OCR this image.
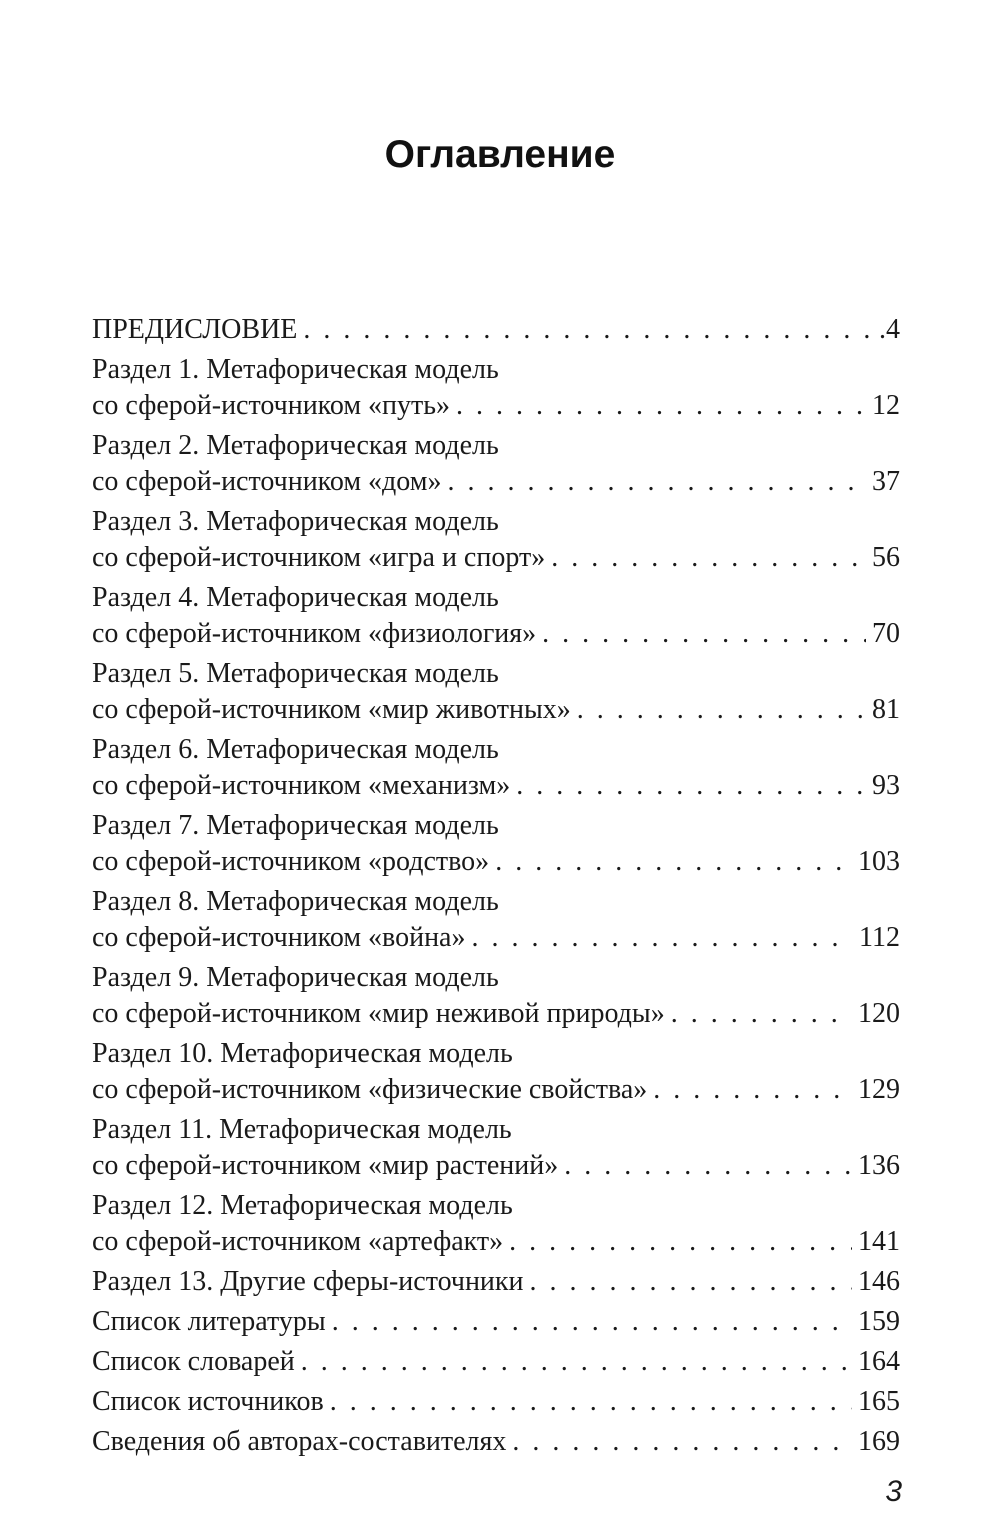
Оглавление
ПРЕДИСЛОВИЕ . . .	.4
Раздел 1. Метафорическая модель
со сферой-источником «путь» . . .	12
Раздел 2. Метафорическая модель
со сферой-источником «дом» . . .	37
Раздел 3. Метафорическая модель
со сферой-источником «игра и спорт» . . .	56
Раздел 4. Метафорическая модель
со сферой-источником «физиология» . . .	70
Раздел 5. Метафорическая модель
со сферой-источником «мир животных» . . .	81
Раздел 6. Метафорическая модель
со сферой-источником «механизм» . . .	93
Раздел 7. Метафорическая модель
со сферой-источником «родство» . . .	103
Раздел 8. Метафорическая модель
со сферой-источником «война» . . .	112
Раздел 9. Метафорическая модель
со сферой-источником «мир неживой природы» . . .	120
Раздел 10. Метафорическая модель
со сферой-источником «физические свойства» . . .	129
Раздел 11. Метафорическая модель
со сферой-источником «мир растений» . . .	136
Раздел 12. Метафорическая модель
со сферой-источником «артефакт» . . .	141
Раздел 13. Другие сферы-источники . . .	146
Список литературы . . .	159
Список словарей . . .	164
Список источников . . .	165
Сведения об авторах-составителях . . .	169
3
